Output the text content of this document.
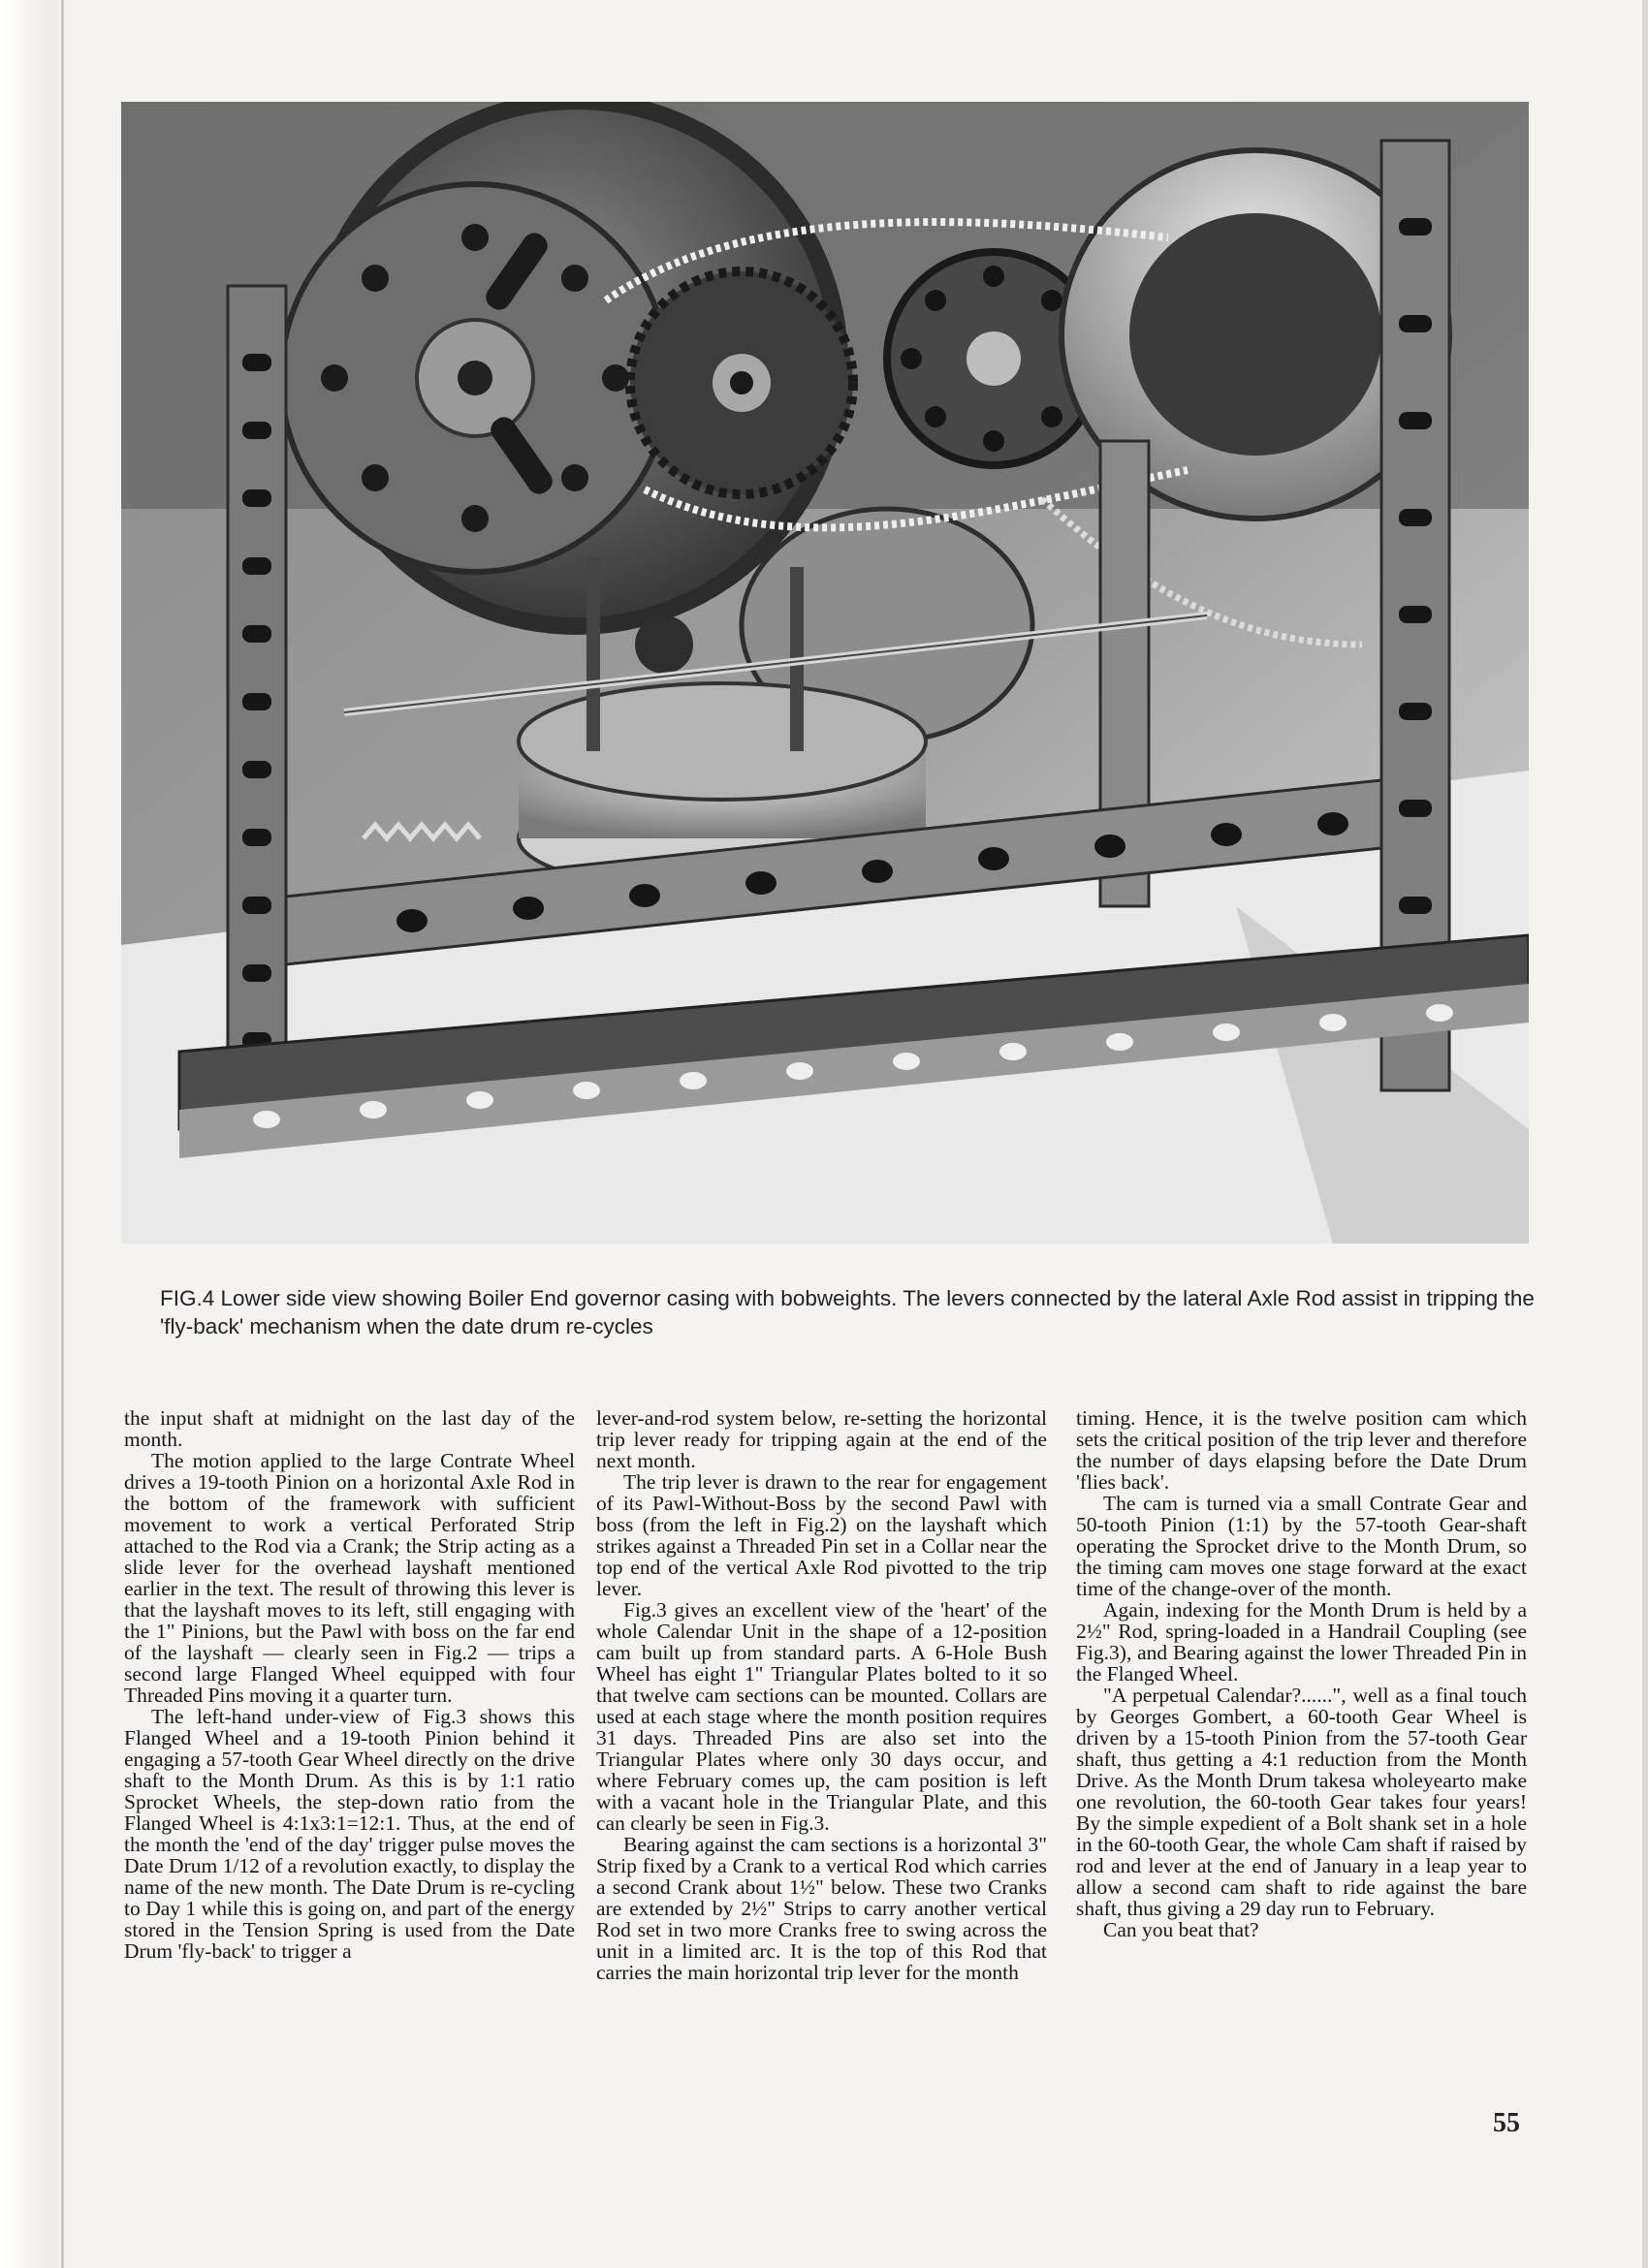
FIG.4 Lower side view showing Boiler End governor casing with bobweights. The levers connected by the lateral Axle Rod assist in tripping the 'fly-back' mechanism when the date drum re-cycles

the input shaft at midnight on the last day of the month.

The motion applied to the large Contrate Wheel drives a 19-tooth Pinion on a horizontal Axle Rod in the bottom of the framework with sufficient movement to work a vertical Perforated Strip attached to the Rod via a Crank; the Strip acting as a slide lever for the overhead layshaft mentioned earlier in the text. The result of throwing this lever is that the layshaft moves to its left, still engaging with the 1" Pinions, but the Pawl with boss on the far end of the layshaft — clearly seen in Fig.2 — trips a second large Flanged Wheel equipped with four Threaded Pins moving it a quarter turn.

The left-hand under-view of Fig.3 shows this Flanged Wheel and a 19-tooth Pinion behind it engaging a 57-tooth Gear Wheel directly on the drive shaft to the Month Drum. As this is by 1:1 ratio Sprocket Wheels, the step-down ratio from the Flanged Wheel is 4:1x3:1=12:1. Thus, at the end of the month the 'end of the day' trigger pulse moves the Date Drum 1/12 of a revolution exactly, to display the name of the new month. The Date Drum is re-cycling to Day 1 while this is going on, and part of the energy stored in the Tension Spring is used from the Date Drum 'fly-back' to trigger a

lever-and-rod system below, re-setting the horizontal trip lever ready for tripping again at the end of the next month.

The trip lever is drawn to the rear for engagement of its Pawl-Without-Boss by the second Pawl with boss (from the left in Fig.2) on the layshaft which strikes against a Threaded Pin set in a Collar near the top end of the vertical Axle Rod pivotted to the trip lever.

Fig.3 gives an excellent view of the 'heart' of the whole Calendar Unit in the shape of a 12-position cam built up from standard parts. A 6-Hole Bush Wheel has eight 1" Triangular Plates bolted to it so that twelve cam sections can be mounted. Collars are used at each stage where the month position requires 31 days. Threaded Pins are also set into the Triangular Plates where only 30 days occur, and where February comes up, the cam position is left with a vacant hole in the Triangular Plate, and this can clearly be seen in Fig.3.

Bearing against the cam sections is a horizontal 3" Strip fixed by a Crank to a vertical Rod which carries a second Crank about 1½" below. These two Cranks are extended by 2½" Strips to carry another vertical Rod set in two more Cranks free to swing across the unit in a limited arc. It is the top of this Rod that carries the main horizontal trip lever for the month

timing. Hence, it is the twelve position cam which sets the critical position of the trip lever and therefore the number of days elapsing before the Date Drum 'flies back'.

The cam is turned via a small Contrate Gear and 50-tooth Pinion (1:1) by the 57-tooth Gear-shaft operating the Sprocket drive to the Month Drum, so the timing cam moves one stage forward at the exact time of the change-over of the month.

Again, indexing for the Month Drum is held by a 2½" Rod, spring-loaded in a Handrail Coupling (see Fig.3), and Bearing against the lower Threaded Pin in the Flanged Wheel.

"A perpetual Calendar?......", well as a final touch by Georges Gombert, a 60-tooth Gear Wheel is driven by a 15-tooth Pinion from the 57-tooth Gear shaft, thus getting a 4:1 reduction from the Month Drive. As the Month Drum takesa wholeyearto make one revolution, the 60-tooth Gear takes four years! By the simple expedient of a Bolt shank set in a hole in the 60-tooth Gear, the whole Cam shaft if raised by rod and lever at the end of January in a leap year to allow a second cam shaft to ride against the bare shaft, thus giving a 29 day run to February.

Can you beat that?

55
